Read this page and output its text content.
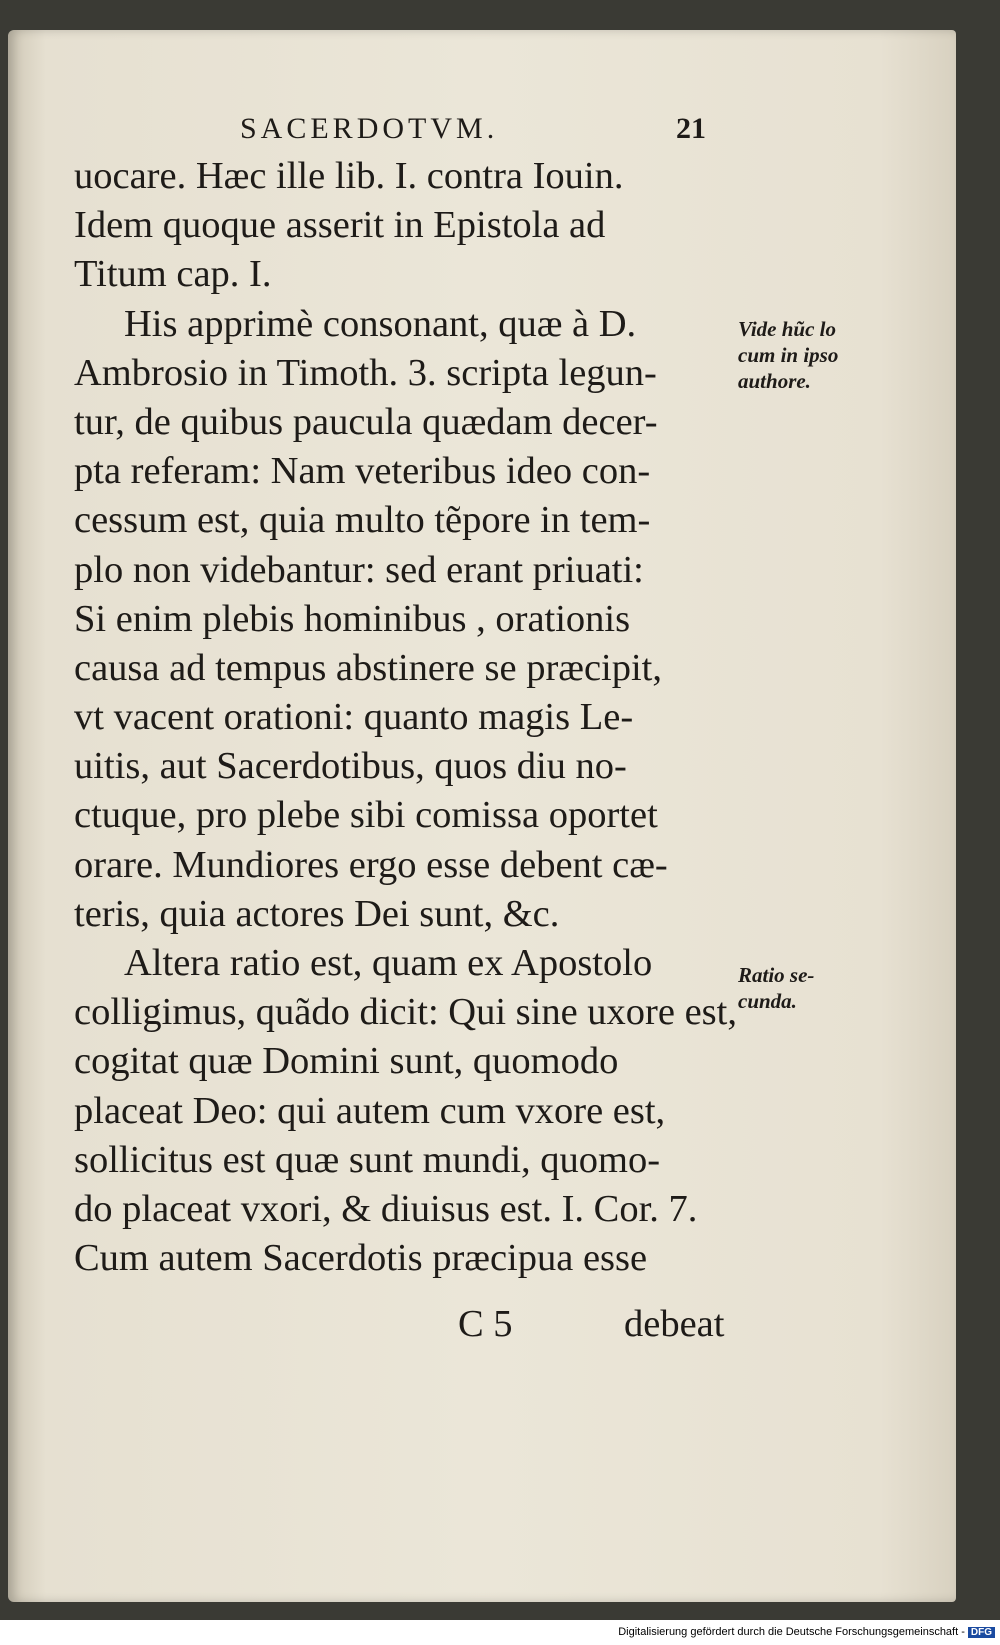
SACERDOTVM.	21
uocare. Hæc ille lib. I. contra Iouin.
Idem quoque asserit in Epistola ad
Titum cap. I.
His apprimè consonant, quæ à D.
Ambrosio in Timoth. 3. scripta legun-
tur, de quibus paucula quædam decer-
pta referam: Nam veteribus ideo con-
cessum est, quia multo tẽpore in tem-
plo non videbantur: sed erant priuati:
Si enim plebis hominibus , orationis
causa ad tempus abstinere se præcipit,
vt vacent orationi: quanto magis Le-
uitis, aut Sacerdotibus, quos diu no-
ctuque, pro plebe sibi comissa oportet
orare. Mundiores ergo esse debent cæ-
teris, quia actores Dei sunt, &c.
Altera ratio est, quam ex Apostolo
colligimus, quãdo dicit: Qui sine uxore est,
cogitat quæ Domini sunt, quomodo
placeat Deo: qui autem cum vxore est,
sollicitus est quæ sunt mundi, quomo-
do placeat vxori, & diuisus est. I. Cor. 7.
Cum autem Sacerdotis præcipua esse
Vide hũc lo
cum in ipso
authore.
Ratio se-
cunda.
C 5	debeat
Digitalisierung gefördert durch die Deutsche Forschungsgemeinschaft - DFG
